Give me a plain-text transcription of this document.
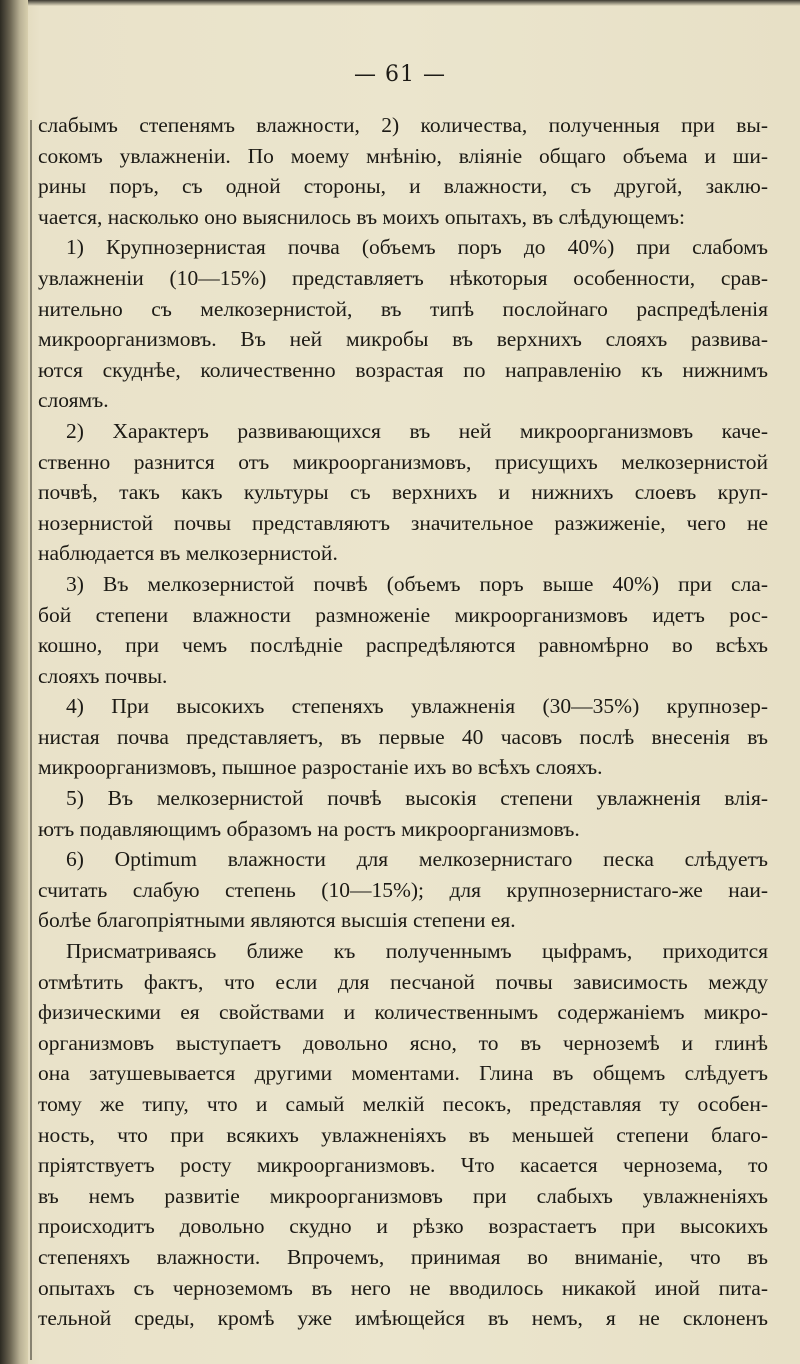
— 61 —

слабымъ степенямъ влажности, 2) количества, полученныя при вы-

сокомъ увлажненіи. По моему мнѣнію, вліяніе общаго объема и ши-

рины поръ, съ одной стороны, и влажности, съ другой, заклю-

чается, насколько оно выяснилось въ моихъ опытахъ, въ слѣдующемъ:

1) Крупнозернистая почва (объемъ поръ до 40%) при слабомъ

увлажненіи (10—15%) представляетъ нѣкоторыя особенности, срав-

нительно съ мелкозернистой, въ типѣ послойнаго распредѣленія

микроорганизмовъ. Въ ней микробы въ верхнихъ слояхъ развива-

ются скуднѣе, количественно возрастая по направленію къ нижнимъ

слоямъ.

2) Характеръ развивающихся въ ней микроорганизмовъ каче-

ственно разнится отъ микроорганизмовъ, присущихъ мелкозернистой

почвѣ, такъ какъ культуры съ верхнихъ и нижнихъ слоевъ круп-

нозернистой почвы представляютъ значительное разжиженіе, чего не

наблюдается въ мелкозернистой.

3) Въ мелкозернистой почвѣ (объемъ поръ выше 40%) при сла-

бой степени влажности размноженіе микроорганизмовъ идетъ рос-

кошно, при чемъ послѣдніе распредѣляются равномѣрно во всѣхъ

слояхъ почвы.

4) При высокихъ степеняхъ увлажненія (30—35%) крупнозер-

нистая почва представляетъ, въ первые 40 часовъ послѣ внесенія въ

микроорганизмовъ, пышное разростаніе ихъ во всѣхъ слояхъ.

5) Въ мелкозернистой почвѣ высокія степени увлажненія влія-

ютъ подавляющимъ образомъ на ростъ микроорганизмовъ.

6) Optimum влажности для мелкозернистаго песка слѣдуетъ

считать слабую степень (10—15%); для крупнозернистаго-же наи-

болѣе благопріятными являются высшія степени ея.

Присматриваясь ближе къ полученнымъ цыфрамъ, приходится

отмѣтить фактъ, что если для песчаной почвы зависимость между

физическими ея свойствами и количественнымъ содержаніемъ микро-

организмовъ выступаетъ довольно ясно, то въ черноземѣ и глинѣ

она затушевывается другими моментами. Глина въ общемъ слѣдуетъ

тому же типу, что и самый мелкій песокъ, представляя ту особен-

ность, что при всякихъ увлажненіяхъ въ меньшей степени благо-

пріятствуетъ росту микроорганизмовъ. Что касается чернозема, то

въ немъ развитіе микроорганизмовъ при слабыхъ увлажненіяхъ

происходитъ довольно скудно и рѣзко возрастаетъ при высокихъ

степеняхъ влажности. Впрочемъ, принимая во вниманіе, что въ

опытахъ съ черноземомъ въ него не вводилось никакой иной пита-

тельной среды, кромѣ уже имѣющейся въ немъ, я не склоненъ
